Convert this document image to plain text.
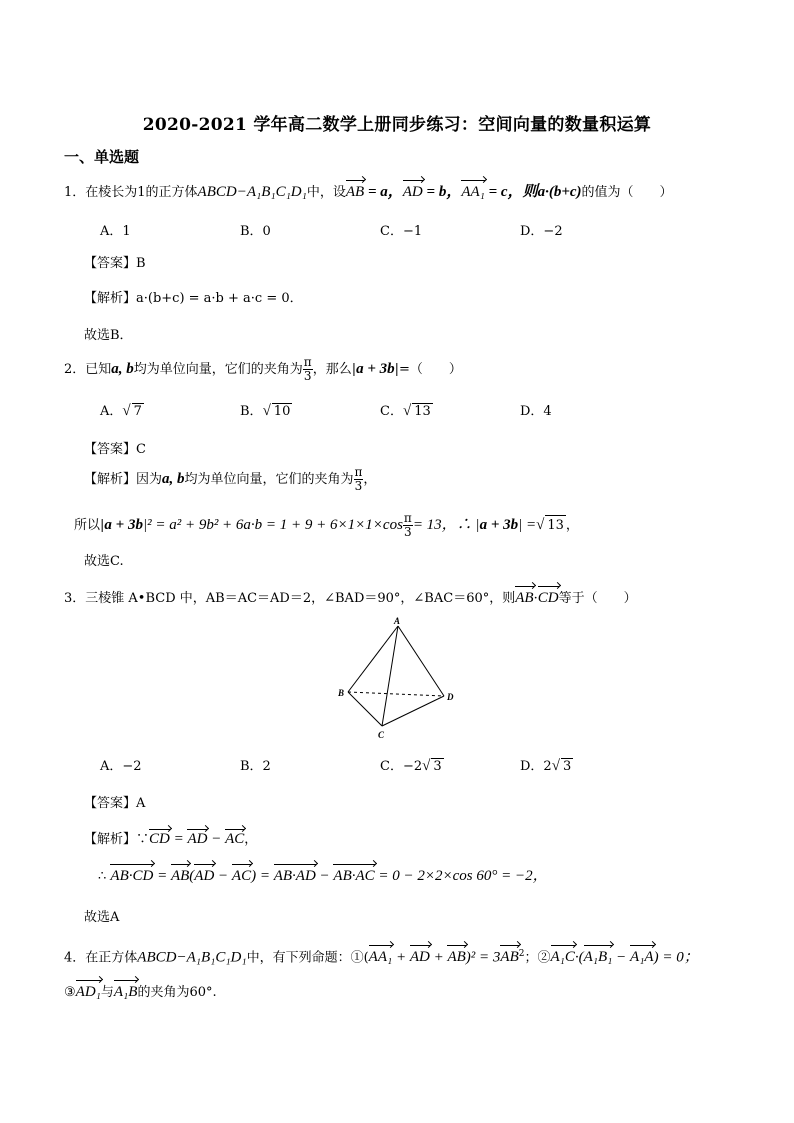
2020-2021 学年高二数学上册同步练习：空间向量的数量积运算
一、单选题
1．在棱长为1的正方体ABCD−A₁B₁C₁D₁中，设AB = a，AD = b，AA₁ = c，则a·(b+c)的值为（　　）
A．1	B．0	C．−1	D．−2
【答案】B
【解析】a·(b+c) = a·b + a·c = 0．
故选B．
2．已知a, b均为单位向量，它们的夹角为 $\frac{\pi}{3}$ ，那么|a + 3b|=（　　）
A．√ 7	B．√ 10	C．√ 13	D．4
【答案】C
【解析】因为a, b均为单位向量，它们的夹角为 $\frac{\pi}{3}$ ，
所以$|a + 3b|^2 = a^2 + 9b^2 + 6a\cdot b = 1 + 9 + 6\times 1\times 1\times\cos \frac{\pi}{3} = 13$，∴ |a + 3b| =√ 13 ，
故选C.
3．三棱锥 A•BCD 中，AB＝AC＝AD＝2，∠BAD＝90°，∠BAC＝60°，则AB·CD等于（　　）
A
B
C
D
A．−2	B．2	C．−2√ 3	D．2√ 3
【答案】A
【解析】∵CD = AD − AC，
∴ AB·CD = AB(AD − AC) = AB·AD − AB·AC = 0 − 2×2×cos 60° = −2，
故选A
4．在正方体ABCD−A₁B₁C₁D₁中，有下列命题：①(AA₁ + AD + $AB)^2 = 3AB^2$；②A₁C·(A₁B₁ − A₁A) = 0；
③AD₁与A₁B的夹角为60°.
